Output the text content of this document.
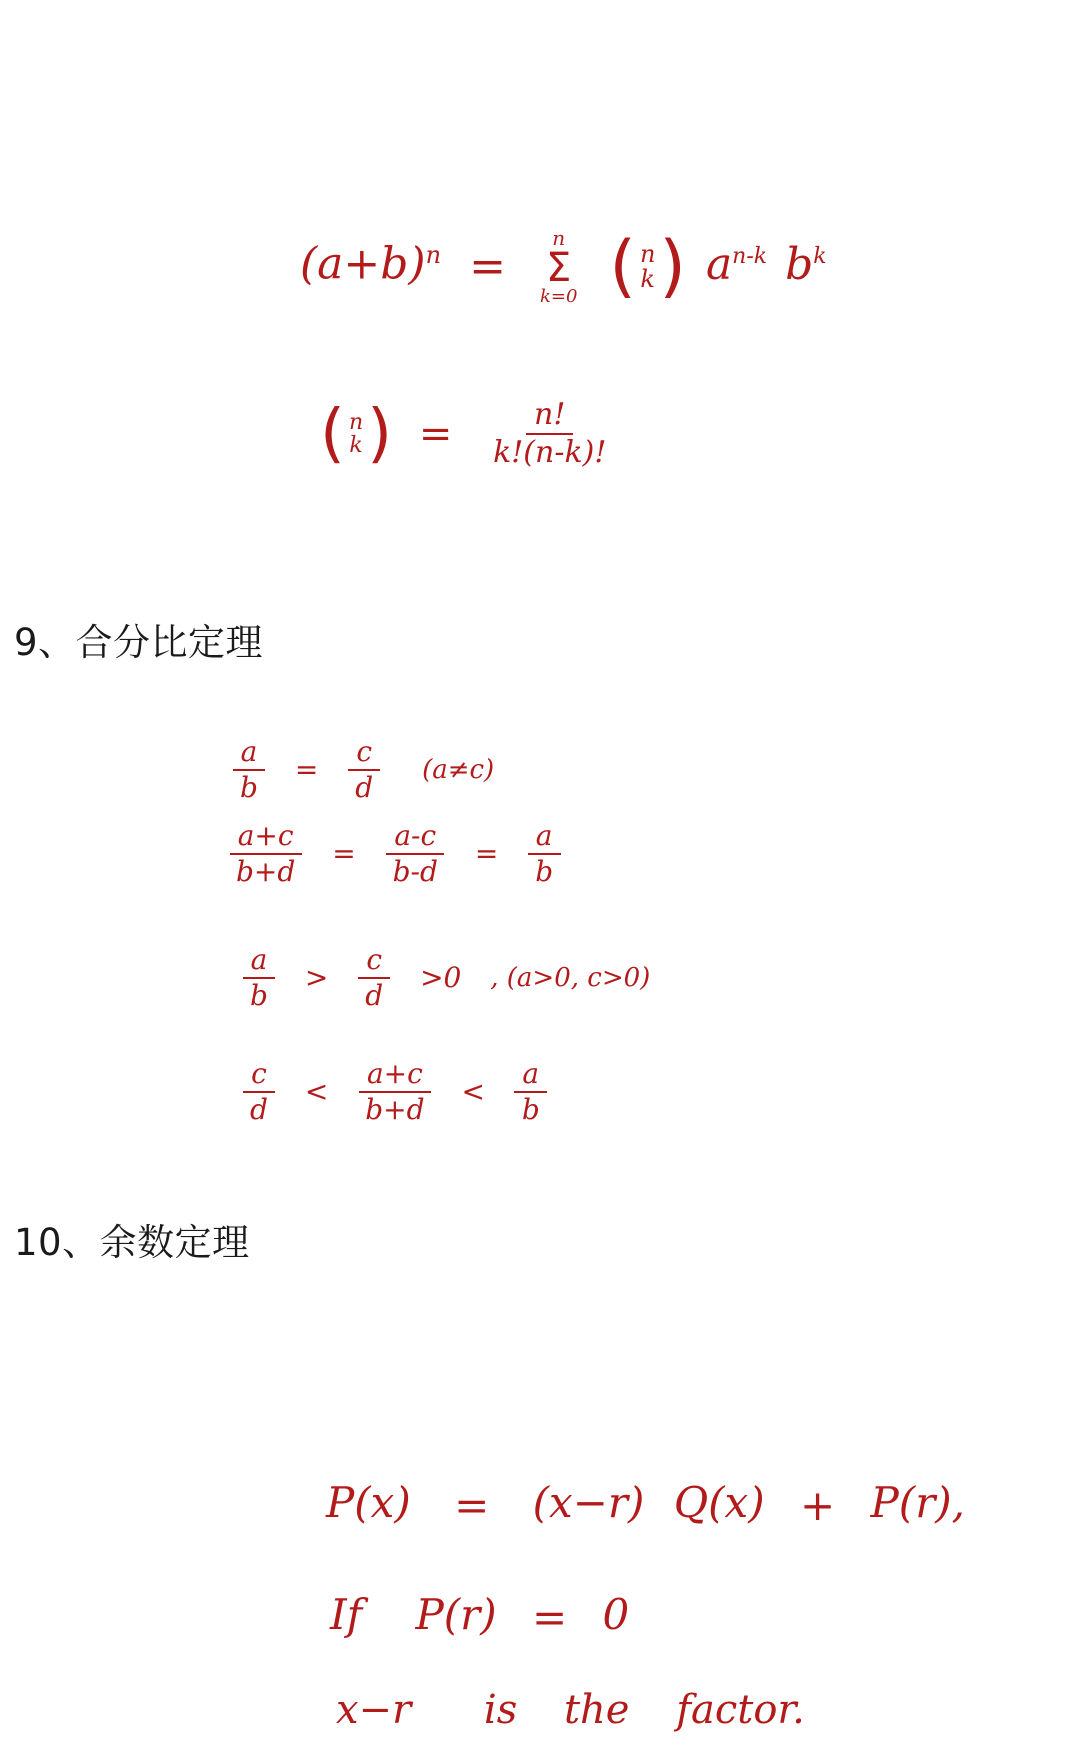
$(a+b)^n$ =
n
Σ
k=0
( n
k ) $a^{n-k}$ $b^k$
( n
k ) = $\frac{n!}{k!(n-k)!}$
9、合分比定理
$\frac{a}{b} = \frac{c}{d} (a\ne c)$
$\frac{a+c}{b+d} = \frac{a-c}{b-d} = \frac{a}{b}$
$\frac{a}{b} > \frac{c}{d} >0$ , (a>0, c>0)
$\frac{c}{d} < \frac{a+c}{b+d} < \frac{a}{b}$
10、余数定理
P(x) = (x−r) Q(x) + P(r),
If P(r) = 0
x−r is the factor.
